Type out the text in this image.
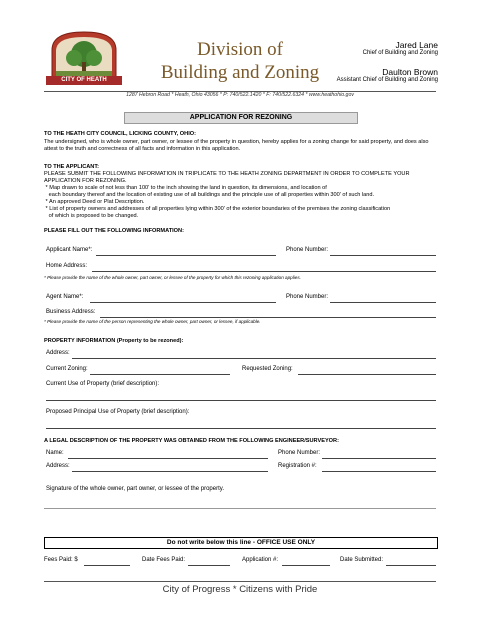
CITY OF HEATH
Division of
Building and Zoning
Jared Lane
Chief of Building and Zoning
Daulton Brown
Assistant Chief of Building and Zoning
1287 Hebron Road * Heath, Ohio 43056 * P: 740/522.1420 * F: 740/522.6324 * www.heathohio.gov
APPLICATION FOR REZONING
TO THE HEATH CITY COUNCIL, LICKING COUNTY, OHIO:
The undersigned, who is whole owner, part owner, or lessee of the property in question, hereby applies for a zoning change for said property, and does also attest to the truth and correctness of all facts and information in this application.
TO THE APPLICANT:
PLEASE SUBMIT THE FOLLOWING INFORMATION IN TRIPLICATE TO THE HEATH ZONING DEPARTMENT IN ORDER TO COMPLETE YOUR APPLICATION FOR REZONING.
* Map drawn to scale of not less than 100' to the inch showing the land in question, its dimensions, and location of
each boundary thereof and the location of existing use of all buildings and the principle use of all properties within 300' of such land.
* An approved Deed or Plat Description.
* List of property owners and addresses of all properties lying within 300' of the exterior boundaries of the premises the zoning classification
of which is proposed to be changed.
PLEASE FILL OUT THE FOLLOWING INFORMATION:
Applicant Name*:	Phone Number:
Home Address:
* Please provide the name of the whole owner, part owner, or lessee of the property for which this rezoning application applies.
Agent Name*:	Phone Number:
Business Address:
* Please provide the name of the person representing the whole owner, part owner, or lessee, if applicable.
PROPERTY INFORMATION (Property to be rezoned):
Address:
Current Zoning:	Requested Zoning:
Current Use of Property (brief description):
Proposed Principal Use of Property (brief description):
A LEGAL DESCRIPTION OF THE PROPERTY WAS OBTAINED FROM THE FOLLOWING ENGINEER/SURVEYOR:
Name:	Phone Number:
Address:	Registration #:
Signature of the whole owner, part owner, or lessee of the property.
Do not write below this line - OFFICE USE ONLY
Fees Paid: $	Date Fees Paid:	Application #:	Date Submitted:
City of Progress * Citizens with Pride
